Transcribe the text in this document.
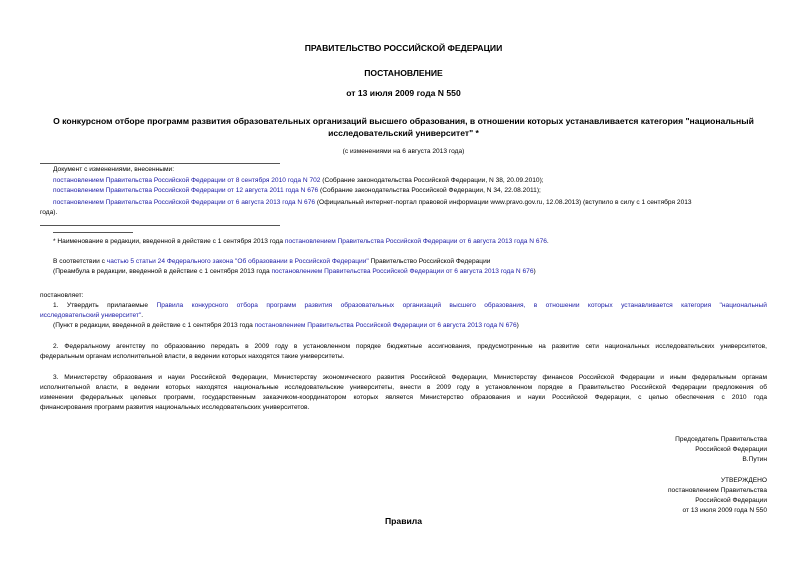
ПРАВИТЕЛЬСТВО РОССИЙСКОЙ ФЕДЕРАЦИИ
ПОСТАНОВЛЕНИЕ
от 13 июля 2009 года N 550
О конкурсном отборе программ развития образовательных организаций высшего образования, в отношении которых устанавливается категория "национальный
исследовательский университет" *
(с изменениями на 6 августа 2013 года)
Документ с изменениями, внесенными:
постановлением Правительства Российской Федерации от 8 сентября 2010 года N 702 (Собрание законодательства Российской Федерации, N 38, 20.09.2010);
постановлением Правительства Российской Федерации от 12 августа 2011 года N 676 (Собрание законодательства Российской Федерации, N 34, 22.08.2011);
постановлением Правительства Российской Федерации от 6 августа 2013 года N 676 (Официальный интернет-портал правовой информации www.pravo.gov.ru, 12.08.2013) (вступило в силу с 1 сентября 2013
года).
* Наименование в редакции, введенной в действие с 1 сентября 2013 года постановлением Правительства Российской Федерации от 6 августа 2013 года N 676.
В соответствии с частью 5 статьи 24 Федерального закона "Об образовании в Российской Федерации" Правительство Российской Федерации
(Преамбула в редакции, введенной в действие с 1 сентября 2013 года постановлением Правительства Российской Федерации от 6 августа 2013 года N 676)
постановляет:
1. Утвердить прилагаемые Правила конкурсного отбора программ развития образовательных организаций высшего образования, в отношении которых устанавливается категория "национальный
исследовательский университет".
(Пункт в редакции, введенной в действие с 1 сентября 2013 года постановлением Правительства Российской Федерации от 6 августа 2013 года N 676)
2. Федеральному агентству по образованию передать в 2009 году в установленном порядке бюджетные ассигнования, предусмотренные на развитие сети национальных исследовательских университетов,
федеральным органам исполнительной власти, в ведении которых находятся такие университеты.
3. Министерству образования и науки Российской Федерации, Министерству экономического развития Российской Федерации, Министерству финансов Российской Федерации и иным федеральным органам
исполнительной власти, в ведении которых находятся национальные исследовательские университеты, внести в 2009 году в установленном порядке в Правительство Российской Федерации предложения об
изменении федеральных целевых программ, государственным заказчиком-координатором которых является Министерство образования и науки Российской Федерации, с целью обеспечения с 2010 года
финансирования программ развития национальных исследовательских университетов.
Председатель Правительства
Российской Федерации
В.Путин
УТВЕРЖДЕНО
постановлением Правительства
Российской Федерации
от 13 июля 2009 года N 550
Правила
